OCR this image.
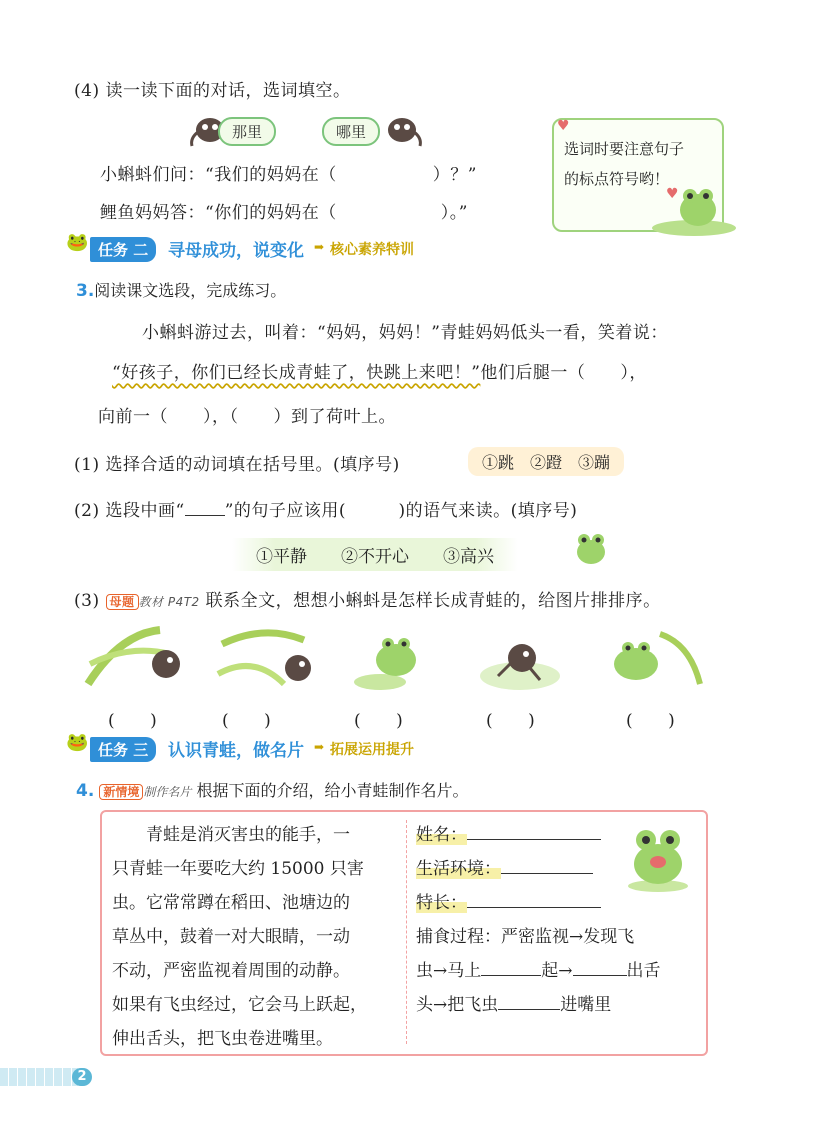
(4) 读一读下面的对话，选词填空。
那里	哪里
小蝌蚪们问：“我们的妈妈在（	）？”
鲤鱼妈妈答：“你们的妈妈在（	）。”
选词时要注意句子的标点符号哟！
♥
♥
🐸 任务 二	寻母成功，说变化 ➡ 核心素养特训
3.阅读课文选段，完成练习。
小蝌蚪游过去，叫着：“妈妈，妈妈！”青蛙妈妈低头一看，笑着说：
“好孩子，你们已经长成青蛙了，快跳上来吧！”他们后腿一（　　），
向前一（　　），（　　）到了荷叶上。
(1) 选择合适的动词填在括号里。(填序号)	①跳　②蹬　③蹦
(2) 选段中画“ ”的句子应该用(　　　)的语气来读。(填序号)
①平静　　②不开心　　③高兴
(3) 母题 教材 P4T2 联系全文，想想小蝌蚪是怎样长成青蛙的，给图片排排序。
(　　)	(　　)	(　　)	(　　)	(　　)
🐸 任务 三	认识青蛙，做名片 ➡ 拓展运用提升
4. 新情境 制作名片 根据下面的介绍，给小青蛙制作名片。
　　青蛙是消灭害虫的能手，一
只青蛙一年要吃大约 15000 只害
虫。它常常蹲在稻田、池塘边的
草丛中，鼓着一对大眼睛，一动
不动，严密监视着周围的动静。
如果有飞虫经过，它会马上跃起，
伸出舌头，把飞虫卷进嘴里。
姓名：
生活环境：
特长：
捕食过程：严密监视→发现飞
虫→马上	起→	出舌
头→把飞虫	进嘴里
2
